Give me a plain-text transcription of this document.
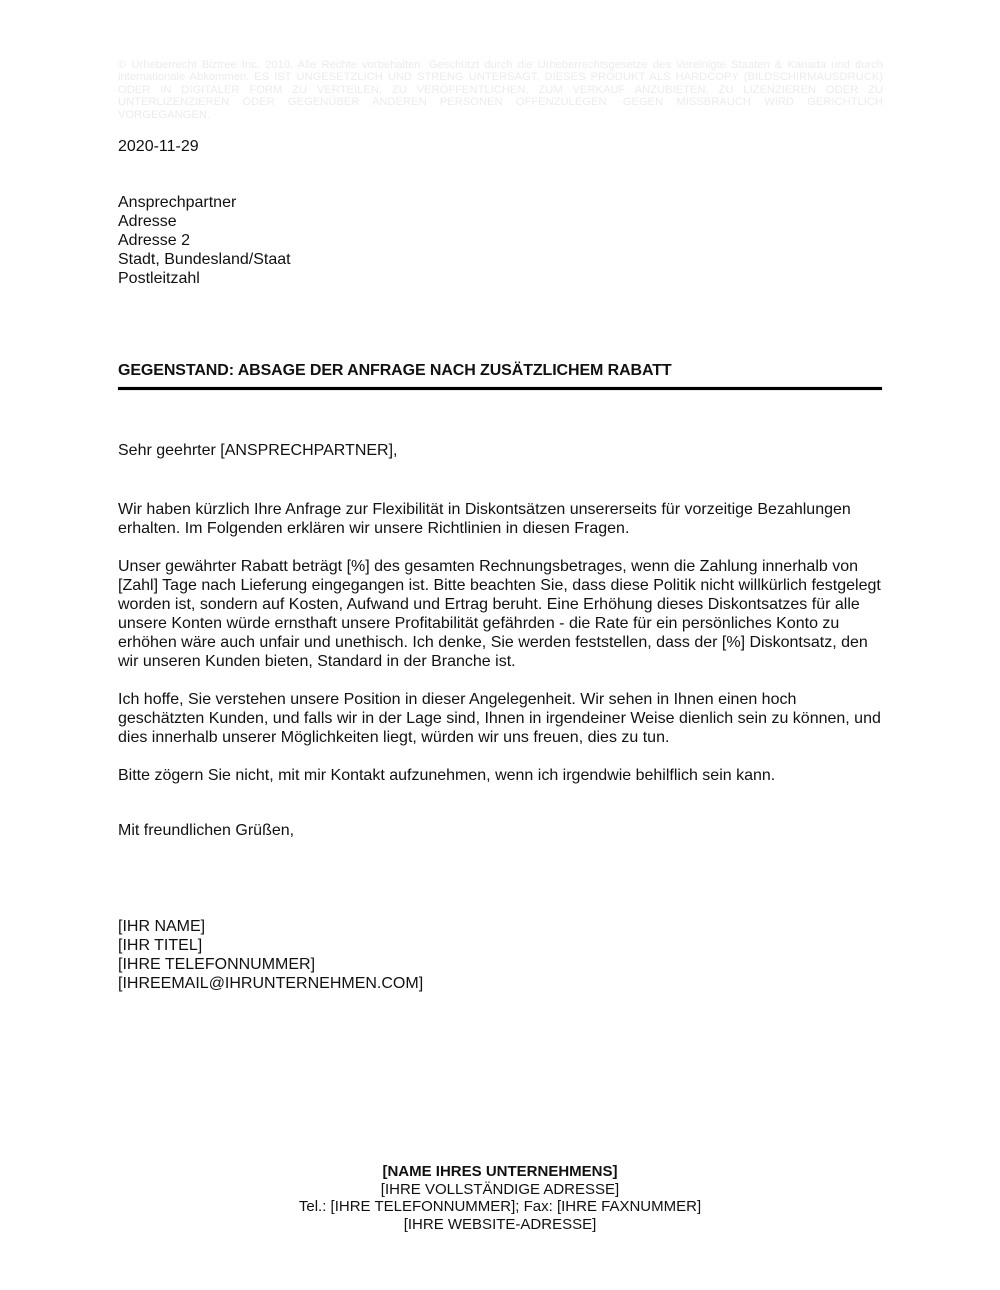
© Urheberrecht Biztree Inc. 2010. Alle Rechte vorbehalten. Geschützt durch die Urheberrechtsgesetze des Vereinigte Staaten & Kanada und durch internationale Abkommen. ES IST UNGESETZLICH UND STRENG UNTERSAGT, DIESES PRODUKT ALS HARDCOPY (BILDSCHIRMAUSDRUCK) ODER IN DIGITALER FORM ZU VERTEILEN, ZU VERÖFFENTLICHEN, ZUM VERKAUF ANZUBIETEN, ZU LIZENZIEREN ODER ZU UNTERLIZENZIEREN ODER GEGENÜBER ANDEREN PERSONEN OFFENZULEGEN. GEGEN MISSBRAUCH WIRD GERICHTLICH VORGEGANGEN.
2020-11-29
Ansprechpartner
Adresse
Adresse 2
Stadt, Bundesland/Staat
Postleitzahl
GEGENSTAND: ABSAGE DER ANFRAGE NACH ZUSÄTZLICHEM RABATT
Sehr geehrter [ANSPRECHPARTNER],

Wir haben kürzlich Ihre Anfrage zur Flexibilität in Diskontsätzen unsererseits für vorzeitige Bezahlungen erhalten. Im Folgenden erklären wir unsere Richtlinien in diesen Fragen.

Unser gewährter Rabatt beträgt [%] des gesamten Rechnungsbetrages, wenn die Zahlung innerhalb von [Zahl] Tage nach Lieferung eingegangen ist. Bitte beachten Sie, dass diese Politik nicht willkürlich festgelegt worden ist, sondern auf Kosten, Aufwand und Ertrag beruht. Eine Erhöhung dieses Diskontsatzes für alle unsere Konten würde ernsthaft unsere Profitabilität gefährden - die Rate für ein persönliches Konto zu erhöhen wäre auch unfair und unethisch. Ich denke, Sie werden feststellen, dass der [%] Diskontsatz, den wir unseren Kunden bieten, Standard in der Branche ist.

Ich hoffe, Sie verstehen unsere Position in dieser Angelegenheit. Wir sehen in Ihnen einen hoch geschätzten Kunden, und falls wir in der Lage sind, Ihnen in irgendeiner Weise dienlich sein zu können, und dies innerhalb unserer Möglichkeiten liegt, würden wir uns freuen, dies zu tun.

Bitte zögern Sie nicht, mit mir Kontakt aufzunehmen, wenn ich irgendwie behilflich sein kann.

Mit freundlichen Grüßen,
[IHR NAME]
[IHR TITEL]
[IHRE TELEFONNUMMER]
[IHREEMAIL@IHRUNTERNEHMEN.COM]
[NAME IHRES UNTERNEHMENS]
[IHRE VOLLSTÄNDIGE ADRESSE]
Tel.: [IHRE TELEFONNUMMER]; Fax: [IHRE FAXNUMMER]
[IHRE WEBSITE-ADRESSE]
